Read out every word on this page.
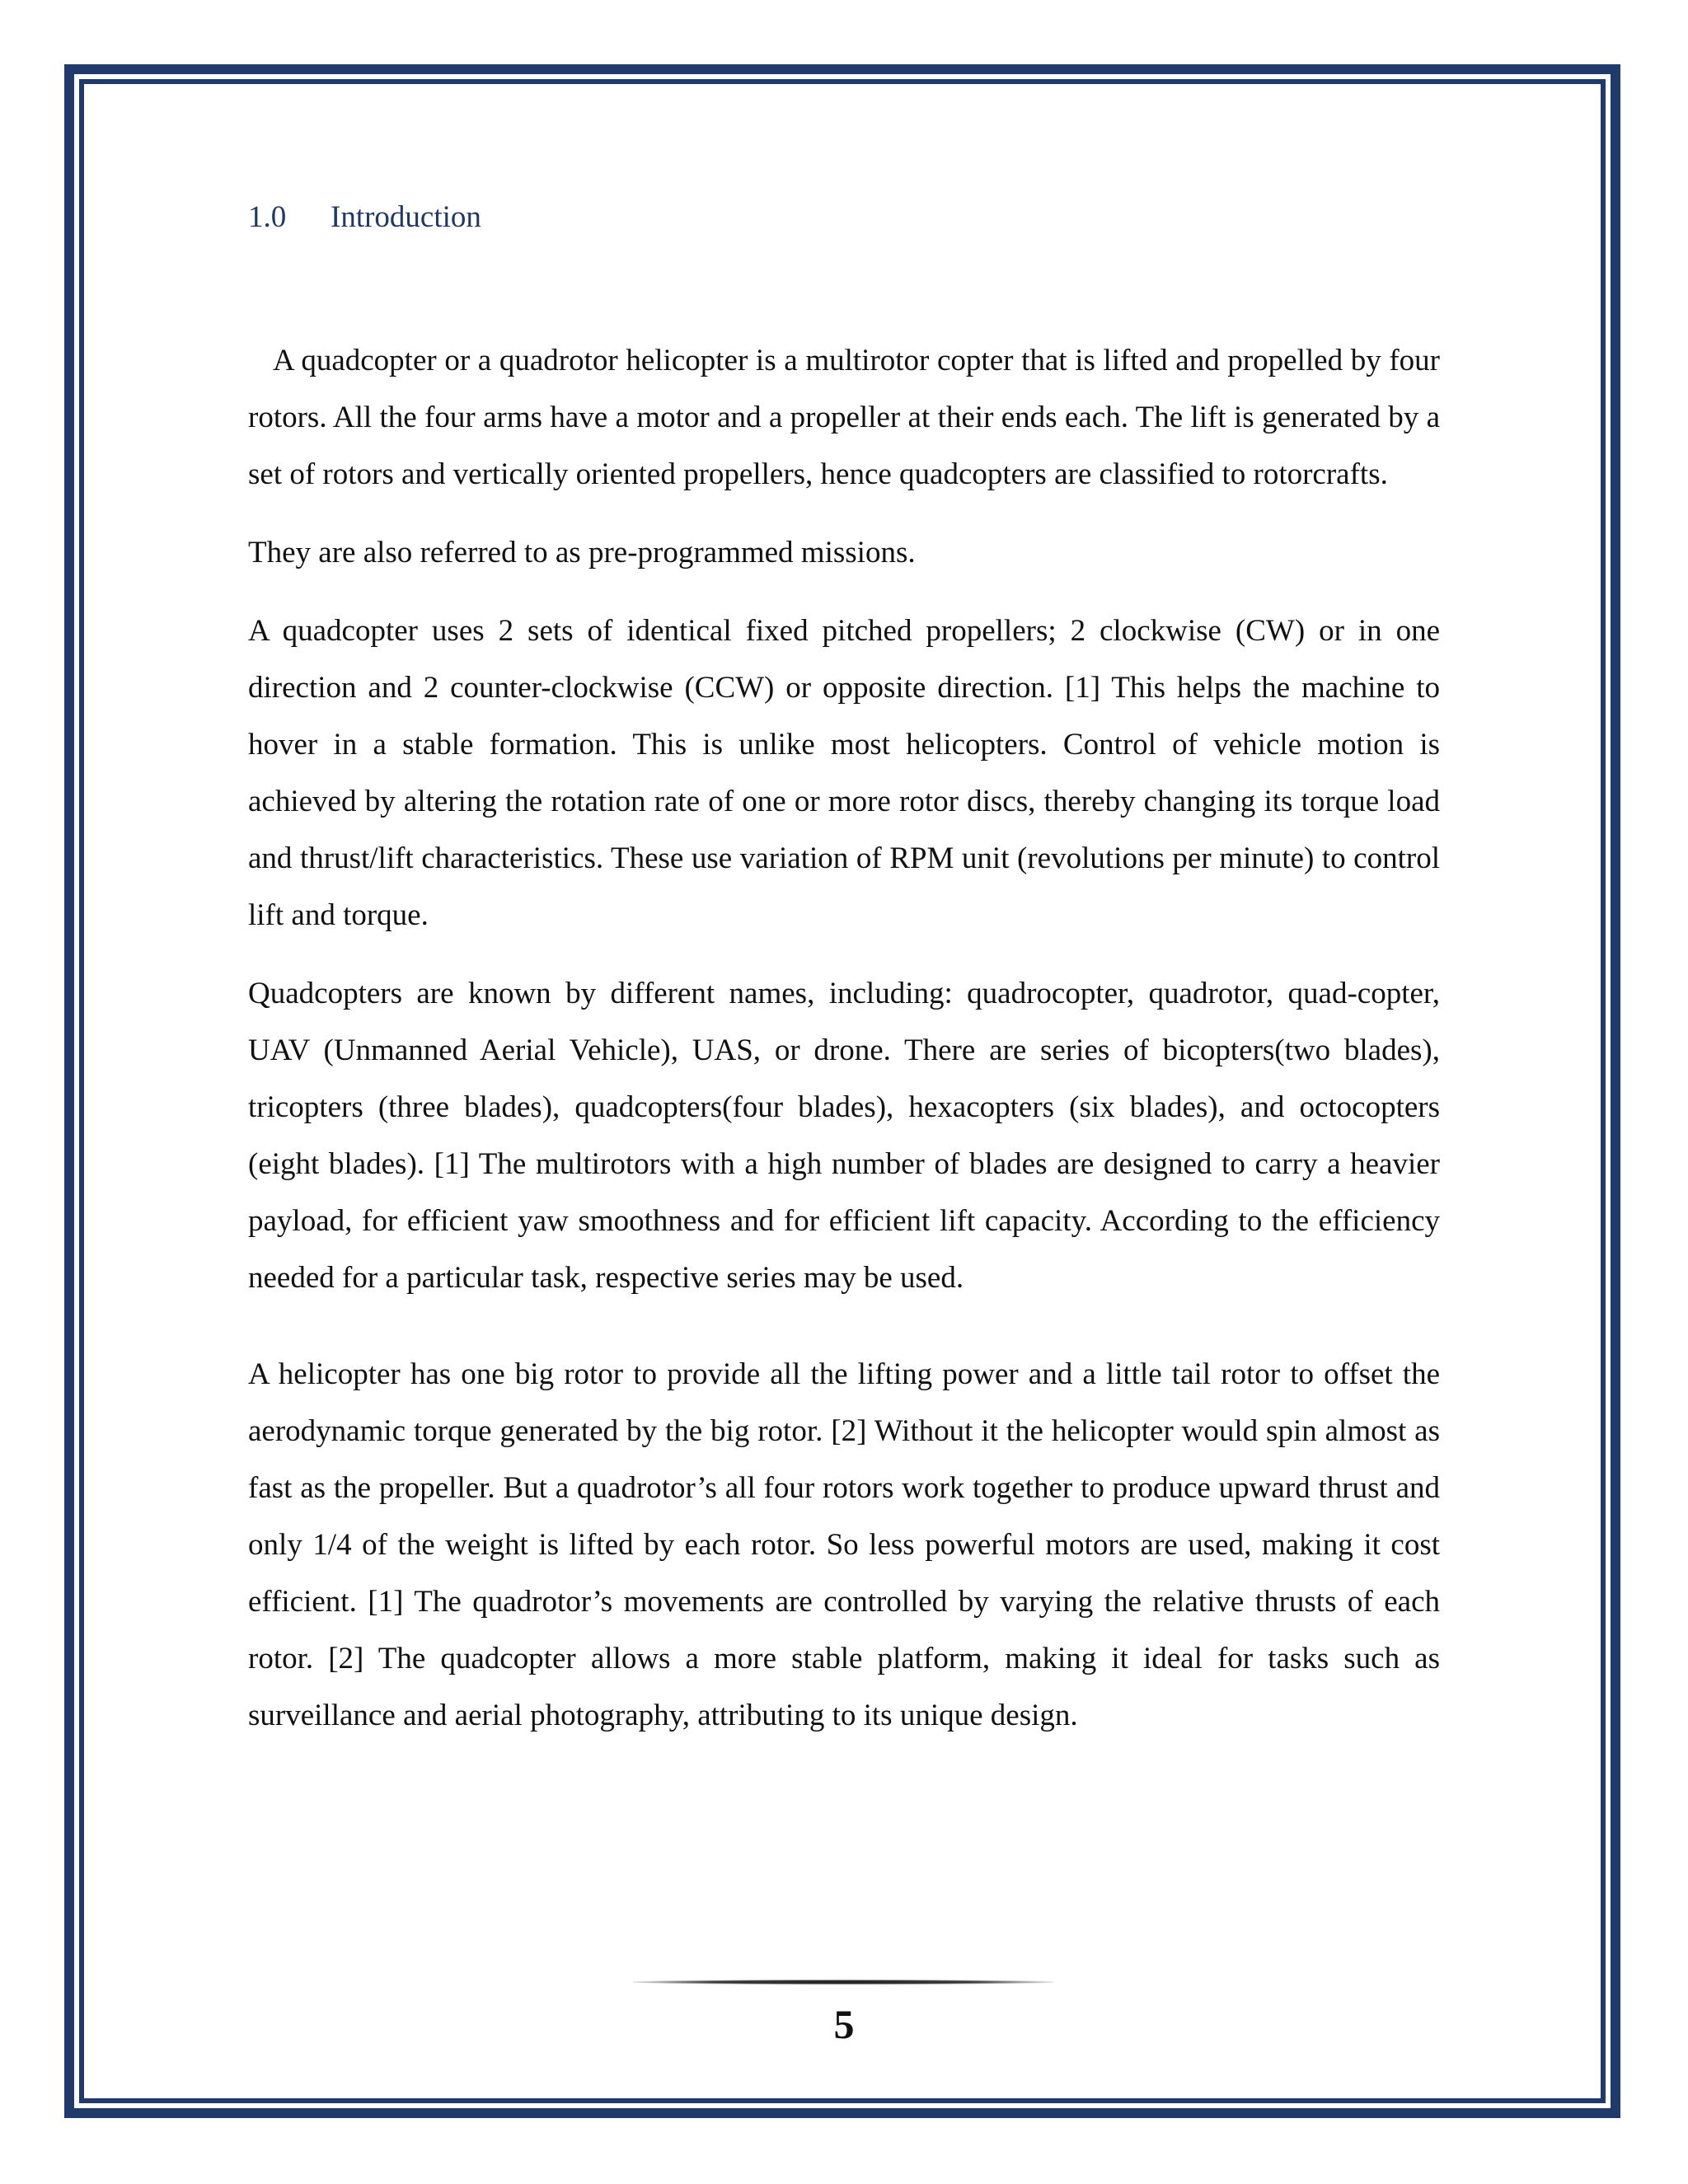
1.0	Introduction

A quadcopter or a quadrotor helicopter is a multirotor copter that is lifted and propelled by four rotors. All the four arms have a motor and a propeller at their ends each. The lift is generated by a set of rotors and vertically oriented propellers, hence quadcopters are classified to rotorcrafts.

They are also referred to as pre-programmed missions.

A quadcopter uses 2 sets of identical fixed pitched propellers; 2 clockwise (CW) or in one direction and 2 counter-clockwise (CCW) or opposite direction. [1] This helps the machine to hover in a stable formation. This is unlike most helicopters. Control of vehicle motion is achieved by altering the rotation rate of one or more rotor discs, thereby changing its torque load and thrust/lift characteristics. These use variation of RPM unit (revolutions per minute) to control lift and torque.

Quadcopters are known by different names, including: quadrocopter, quadrotor, quad-copter, UAV (Unmanned Aerial Vehicle), UAS, or drone. There are series of bicopters(two blades), tricopters (three blades), quadcopters(four blades), hexacopters (six blades), and octocopters (eight blades). [1] The multirotors with a high number of blades are designed to carry a heavier payload, for efficient yaw smoothness and for efficient lift capacity. According to the efficiency needed for a particular task, respective series may be used.

A helicopter has one big rotor to provide all the lifting power and a little tail rotor to offset the aerodynamic torque generated by the big rotor. [2] Without it the helicopter would spin almost as fast as the propeller. But a quadrotor’s all four rotors work together to produce upward thrust and only 1/4 of the weight is lifted by each rotor. So less powerful motors are used, making it cost efficient. [1] The quadrotor’s movements are controlled by varying the relative thrusts of each rotor. [2] The quadcopter allows a more stable platform, making it ideal for tasks such as surveillance and aerial photography, attributing to its unique design.

5
